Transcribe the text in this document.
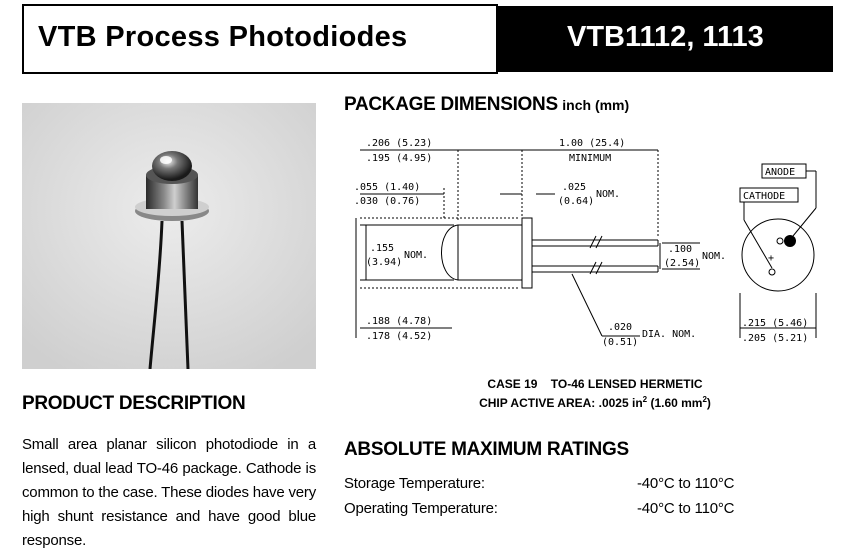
VTB Process Photodiodes	VTB1112, 1113
PACKAGE DIMENSIONS inch (mm)
.206 (5.23)
.195 (4.95)
1.00 (25.4)
MINIMUM
.055 (1.40)
.030 (0.76)
.025
(0.64)
NOM.
.155
(3.94)
NOM.
.100
(2.54)
NOM.
.188 (4.78)
.178 (4.52)
.020
(0.51)
DIA. NOM.
.215 (5.46)
.205 (5.21)
ANODE
CATHODE
+
CASE 19    TO-46 LENSED HERMETIC
CHIP ACTIVE AREA: .0025 $in^2$ (1.60 $mm^2$)
PRODUCT DESCRIPTION
Small area planar silicon photodiode in a lensed, dual lead TO-46 package. Cathode is common to the case. These diodes have very high shunt resistance and have good blue response.
ABSOLUTE MAXIMUM RATINGS
Storage Temperature:	-40°C to 110°C
Operating Temperature:	-40°C to 110°C
